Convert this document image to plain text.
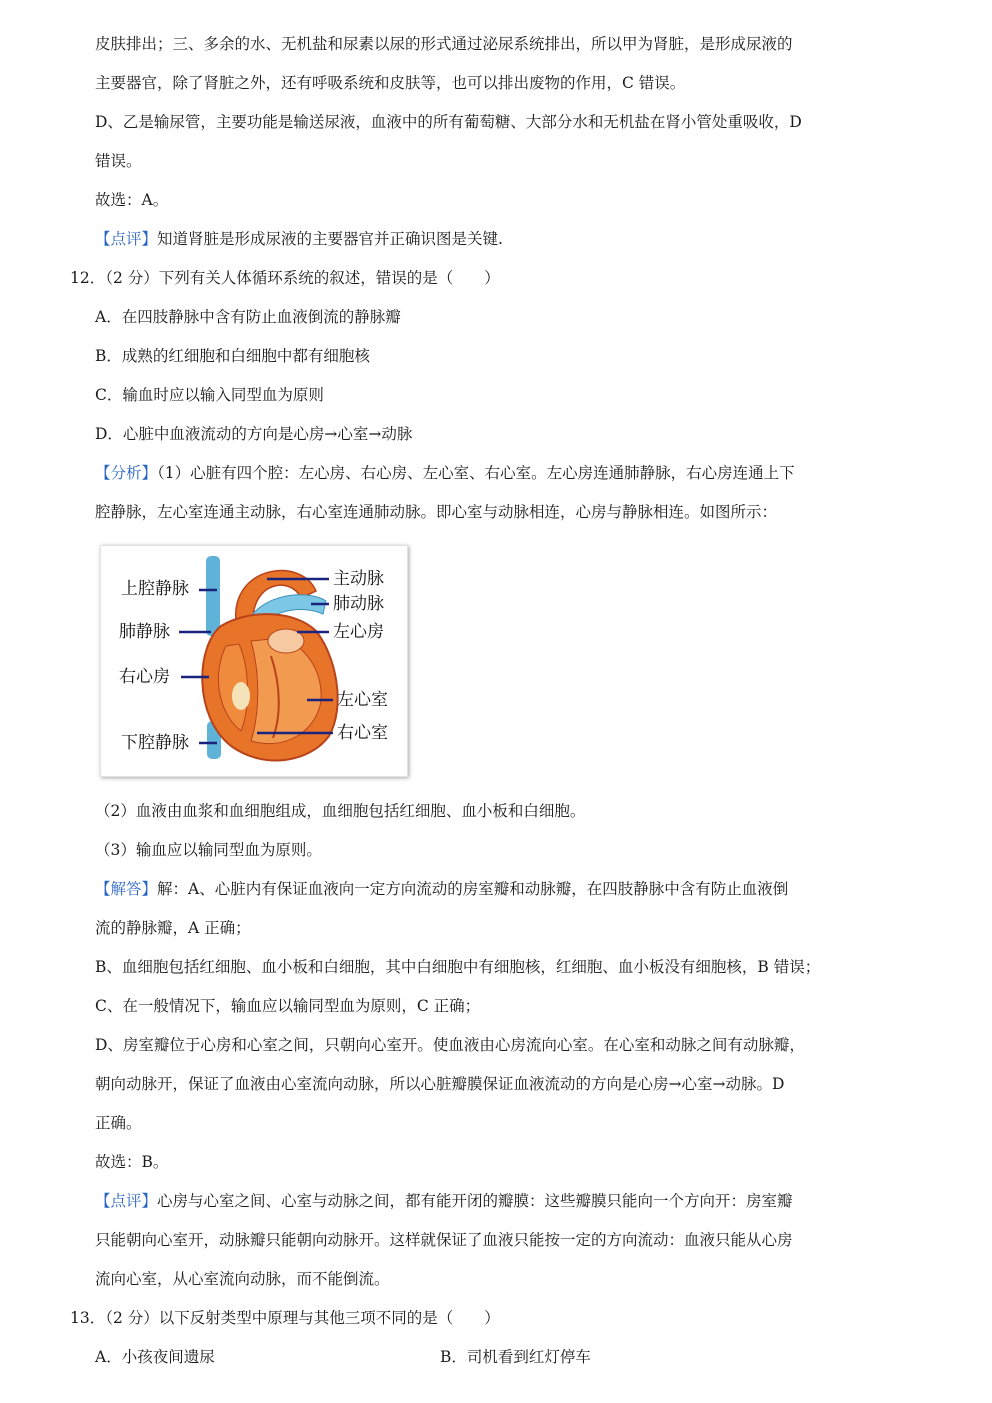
皮肤排出；三、多余的水、无机盐和尿素以尿的形式通过泌尿系统排出，所以甲为肾脏，是形成尿液的
主要器官，除了肾脏之外，还有呼吸系统和皮肤等，也可以排出废物的作用，C 错误。
D、乙是输尿管，主要功能是输送尿液，血液中的所有葡萄糖、大部分水和无机盐在肾小管处重吸收，D
错误。
故选：A。
【点评】知道肾脏是形成尿液的主要器官并正确识图是关键.
12．（2 分）下列有关人体循环系统的叙述，错误的是（　　）
A．在四肢静脉中含有防止血液倒流的静脉瓣
B．成熟的红细胞和白细胞中都有细胞核
C．输血时应以输入同型血为原则
D．心脏中血液流动的方向是心房→心室→动脉
【分析】（1）心脏有四个腔：左心房、右心房、左心室、右心室。左心房连通肺静脉，右心房连通上下
腔静脉，左心室连通主动脉，右心室连通肺动脉。即心室与动脉相连，心房与静脉相连。如图所示：
上腔静脉
肺静脉
右心房
下腔静脉
主动脉
肺动脉
左心房
左心室
右心室
（2）血液由血浆和血细胞组成，血细胞包括红细胞、血小板和白细胞。
（3）输血应以输同型血为原则。
【解答】解：A、心脏内有保证血液向一定方向流动的房室瓣和动脉瓣，在四肢静脉中含有防止血液倒
流的静脉瓣，A 正确；
B、血细胞包括红细胞、血小板和白细胞，其中白细胞中有细胞核，红细胞、血小板没有细胞核，B 错误；
C、在一般情况下，输血应以输同型血为原则，C 正确；
D、房室瓣位于心房和心室之间，只朝向心室开。使血液由心房流向心室。在心室和动脉之间有动脉瓣，
朝向动脉开，保证了血液由心室流向动脉，所以心脏瓣膜保证血液流动的方向是心房→心室→动脉。D
正确。
故选：B。
【点评】心房与心室之间、心室与动脉之间，都有能开闭的瓣膜：这些瓣膜只能向一个方向开：房室瓣
只能朝向心室开，动脉瓣只能朝向动脉开。这样就保证了血液只能按一定的方向流动：血液只能从心房
流向心室，从心室流向动脉，而不能倒流。
13．（2 分）以下反射类型中原理与其他三项不同的是（　　）
A．小孩夜间遗尿	B．司机看到红灯停车
